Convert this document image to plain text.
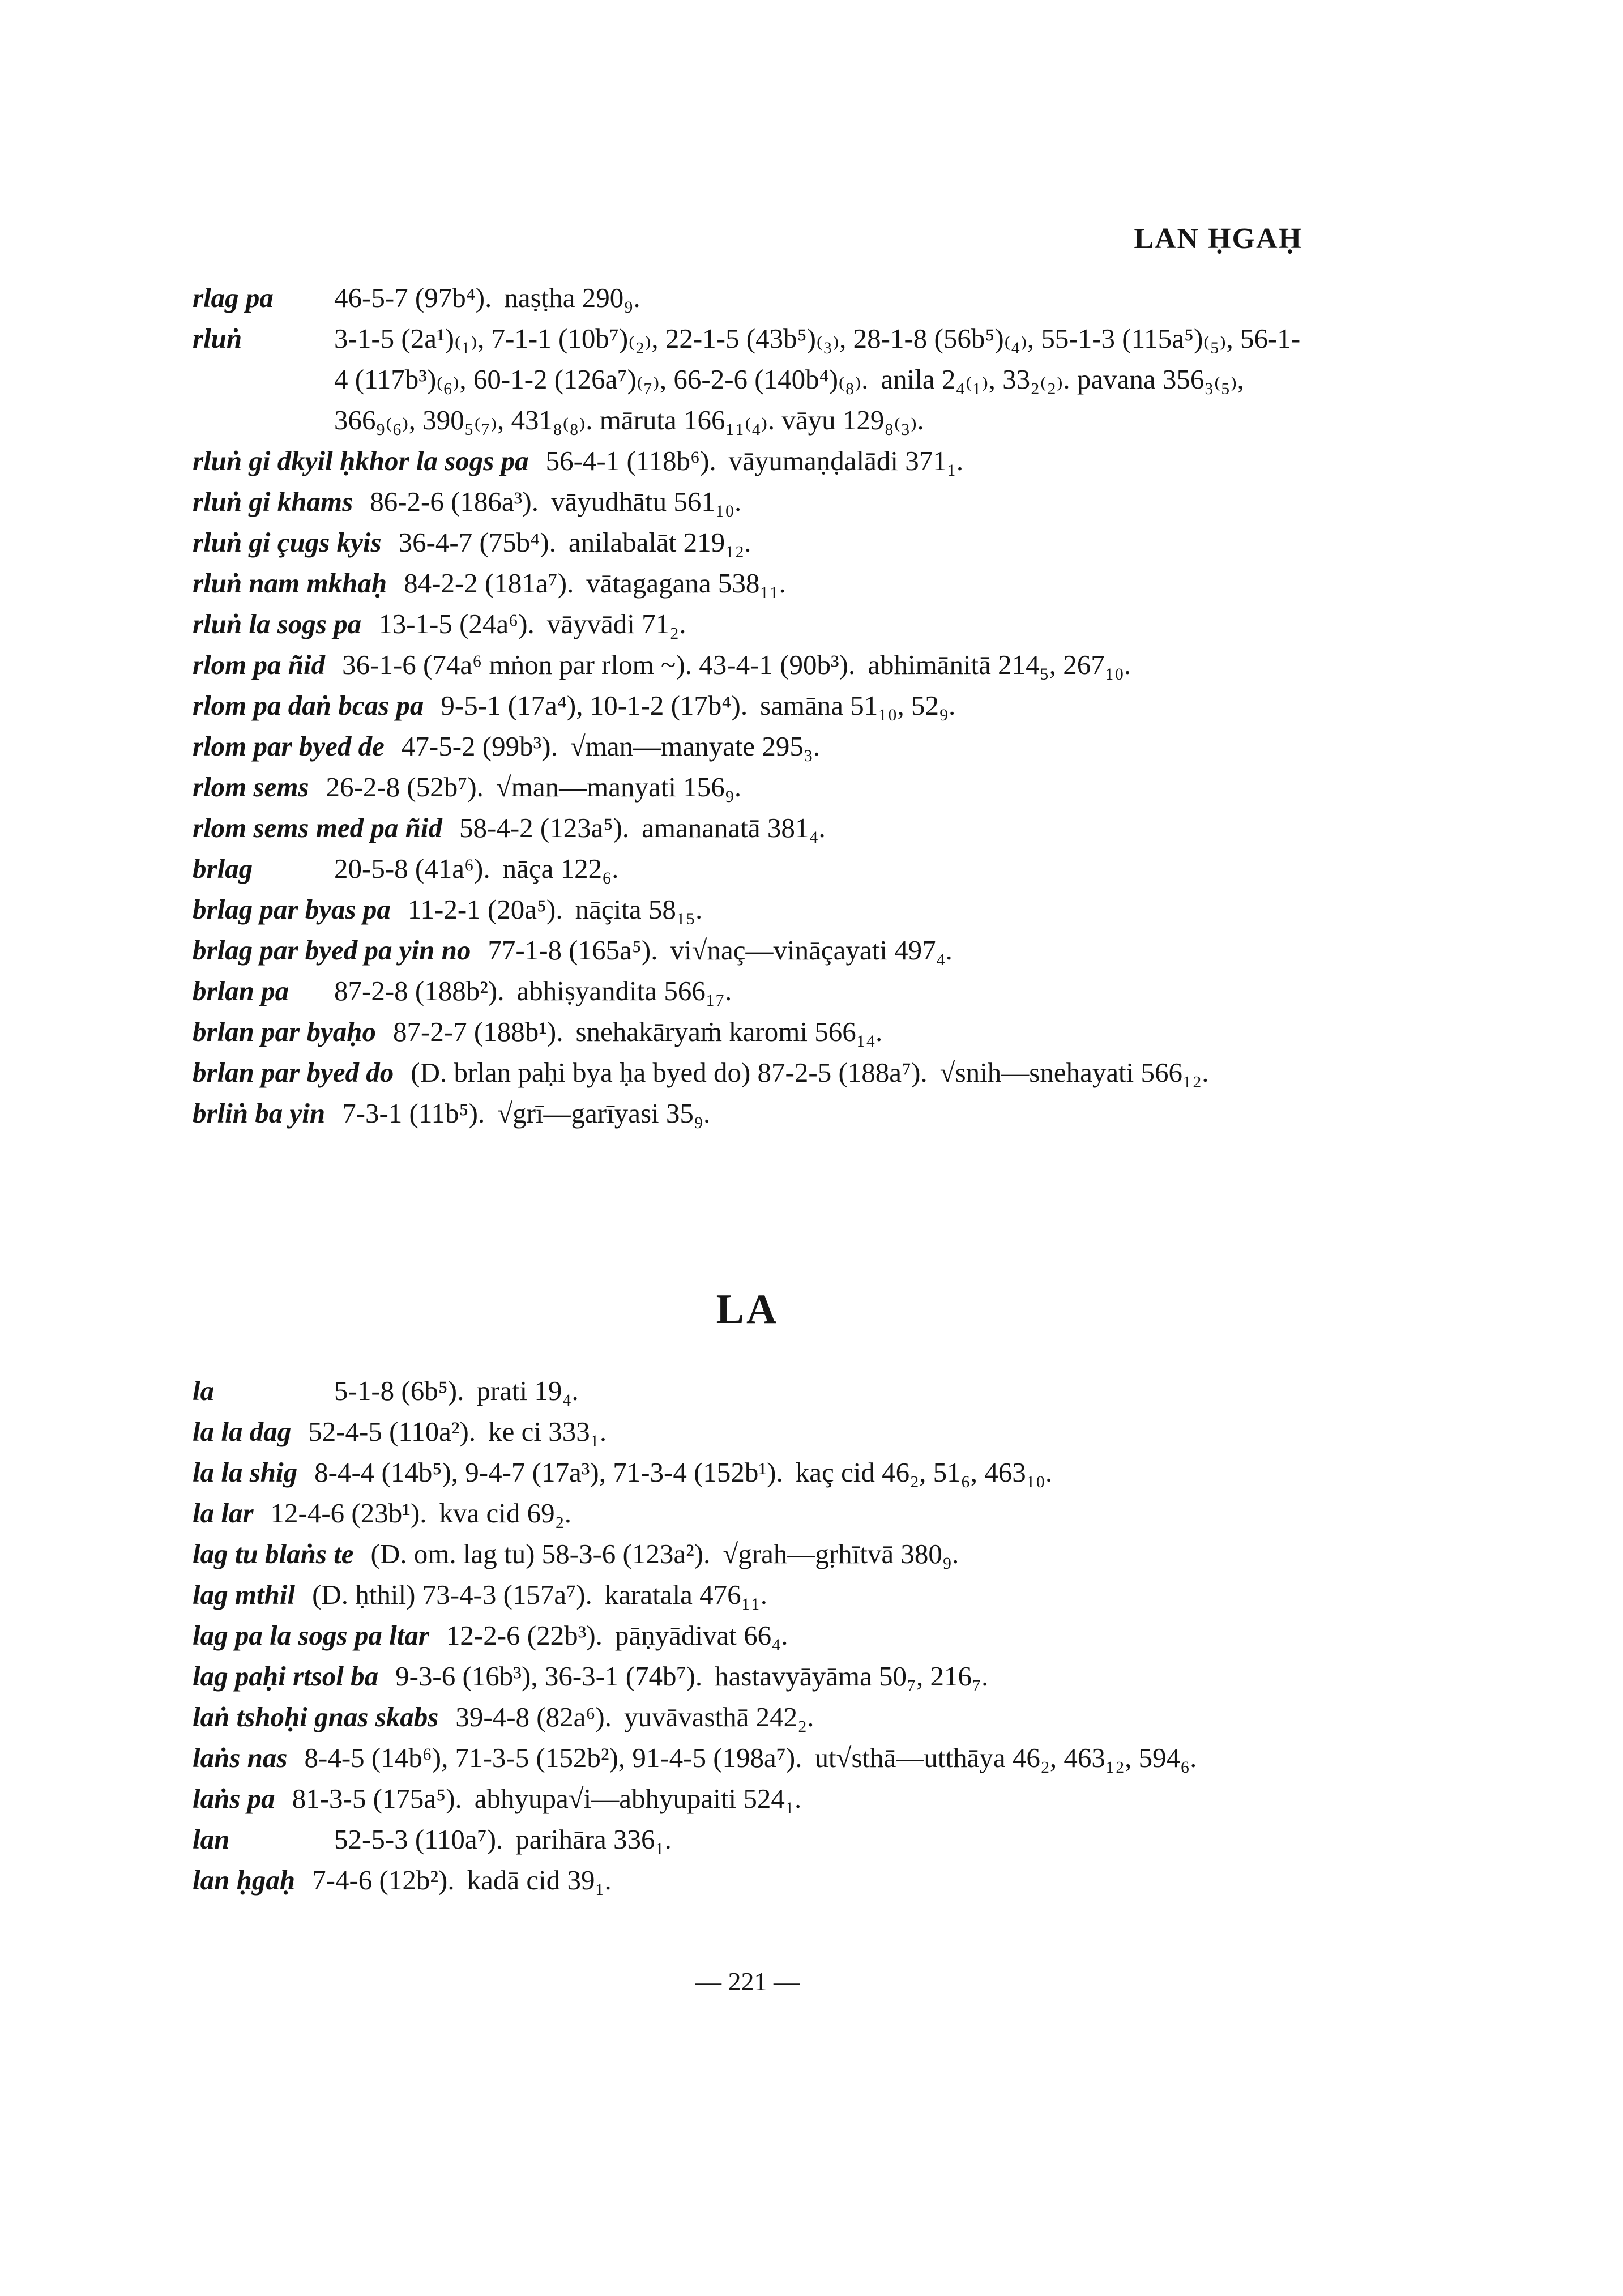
LAN ḤGAḤ

rlag pa 46-5-7 (97b⁴). naṣṭha 290₉.

rluṅ	3-1-5 (2a¹)₍₁₎, 7-1-1 (10b⁷)₍₂₎, 22-1-5 (43b⁵)₍₃₎, 28-1-8 (56b⁵)₍₄₎, 55-1-3 (115a⁵)₍₅₎, 56-1-4 (117b³)₍₆₎, 60-1-2 (126a⁷)₍₇₎, 66-2-6 (140b⁴)₍₈₎. anila 2₄₍₁₎, 33₂₍₂₎. pavana 356₃₍₅₎, 366₉₍₆₎, 390₅₍₇₎, 431₈₍₈₎. māruta 166₁₁₍₄₎. vāyu 129₈₍₃₎.

rluṅ gi dkyil ḥkhor la sogs pa 56-4-1 (118b⁶). vāyumaṇḍalādi 371₁.

rluṅ gi khams 86-2-6 (186a³). vāyudhātu 561₁₀.

rluṅ gi çugs kyis 36-4-7 (75b⁴). anilabalāt 219₁₂.

rluṅ nam mkhaḥ 84-2-2 (181a⁷). vātagagana 538₁₁.

rluṅ la sogs pa 13-1-5 (24a⁶). vāyvādi 71₂.

rlom pa ñid 36-1-6 (74a⁶ mṅon par rlom ~). 43-4-1 (90b³). abhimānitā 214₅, 267₁₀.

rlom pa daṅ bcas pa 9-5-1 (17a⁴), 10-1-2 (17b⁴). samāna 51₁₀, 52₉.

rlom par byed de 47-5-2 (99b³). √man—manyate 295₃.

rlom sems 26-2-8 (52b⁷). √man—manyati 156₉.

rlom sems med pa ñid 58-4-2 (123a⁵). amananatā 381₄.

brlag	20-5-8 (41a⁶). nāça 122₆.

brlag par byas pa 11-2-1 (20a⁵). nāçita 58₁₅.

brlag par byed pa yin no 77-1-8 (165a⁵). vi√naç—vināçayati 497₄.

brlan pa 87-2-8 (188b²). abhiṣyandita 566₁₇.

brlan par byaḥo 87-2-7 (188b¹). snehakāryaṁ karomi 566₁₄.

brlan par byed do (D. brlan paḥi bya ḥa byed do) 87-2-5 (188a⁷). √snih—snehayati 566₁₂.

brliṅ ba yin 7-3-1 (11b⁵). √grī—garīyasi 35₉.

LA

la	5-1-8 (6b⁵). prati 19₄.

la la dag 52-4-5 (110a²). ke ci 333₁.

la la shig 8-4-4 (14b⁵), 9-4-7 (17a³), 71-3-4 (152b¹). kaç cid 46₂, 51₆, 463₁₀.

la lar 12-4-6 (23b¹). kva cid 69₂.

lag tu blaṅs te (D. om. lag tu) 58-3-6 (123a²). √grah—gṛhītvā 380₉.

lag mthil (D. ḥthil) 73-4-3 (157a⁷). karatala 476₁₁.

lag pa la sogs pa ltar 12-2-6 (22b³). pāṇyādivat 66₄.

lag paḥi rtsol ba 9-3-6 (16b³), 36-3-1 (74b⁷). hastavyāyāma 50₇, 216₇.

laṅ tshoḥi gnas skabs 39-4-8 (82a⁶). yuvāvasthā 242₂.

laṅs nas 8-4-5 (14b⁶), 71-3-5 (152b²), 91-4-5 (198a⁷). ut√sthā—utthāya 46₂, 463₁₂, 594₆.

laṅs pa 81-3-5 (175a⁵). abhyupa√i—abhyupaiti 524₁.

lan	52-5-3 (110a⁷). parihāra 336₁.

lan ḥgaḥ 7-4-6 (12b²). kadā cid 39₁.

— 221 —
